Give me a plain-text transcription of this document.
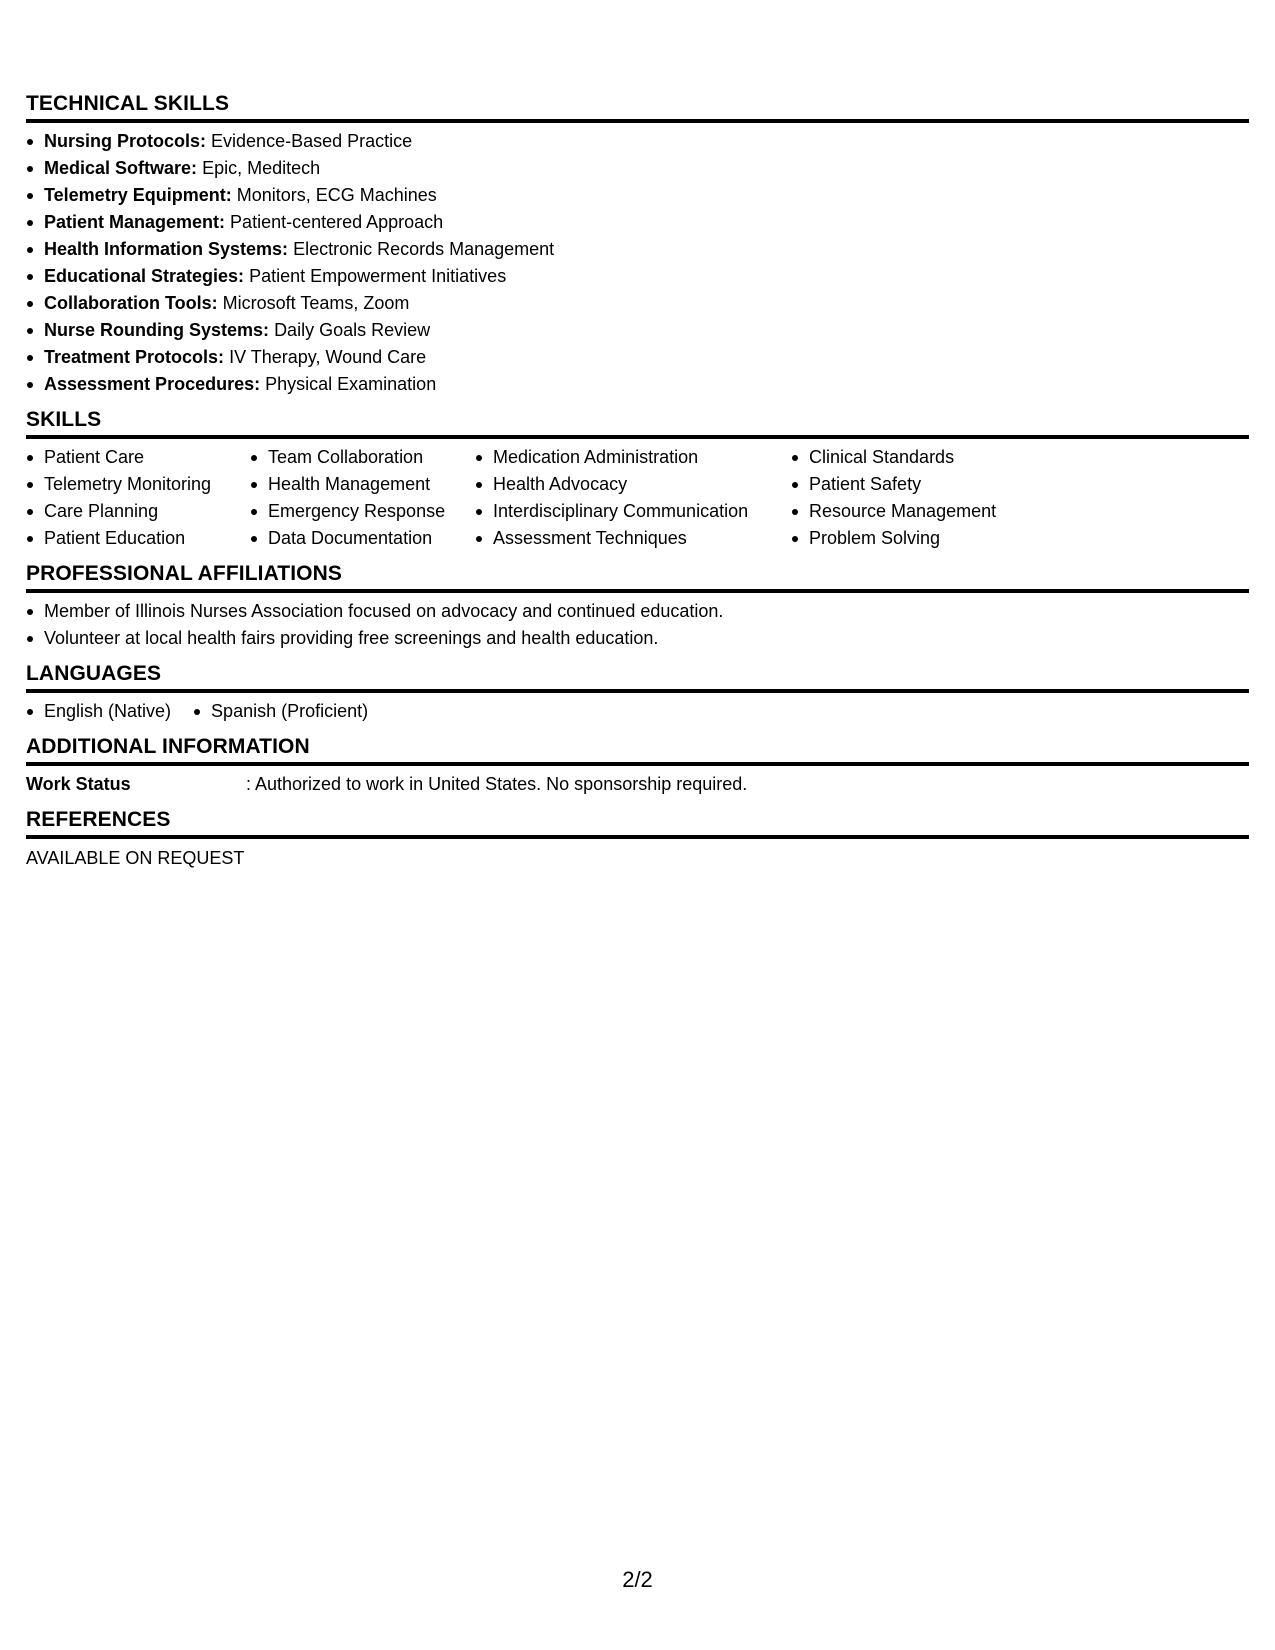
TECHNICAL SKILLS
Nursing Protocols: Evidence-Based Practice
Medical Software: Epic, Meditech
Telemetry Equipment: Monitors, ECG Machines
Patient Management: Patient-centered Approach
Health Information Systems: Electronic Records Management
Educational Strategies: Patient Empowerment Initiatives
Collaboration Tools: Microsoft Teams, Zoom
Nurse Rounding Systems: Daily Goals Review
Treatment Protocols: IV Therapy, Wound Care
Assessment Procedures: Physical Examination
SKILLS
Patient Care
Telemetry Monitoring
Care Planning
Patient Education
Team Collaboration
Health Management
Emergency Response
Data Documentation
Medication Administration
Health Advocacy
Interdisciplinary Communication
Assessment Techniques
Clinical Standards
Patient Safety
Resource Management
Problem Solving
PROFESSIONAL AFFILIATIONS
Member of Illinois Nurses Association focused on advocacy and continued education.
Volunteer at local health fairs providing free screenings and health education.
LANGUAGES
English (Native)	Spanish (Proficient)
ADDITIONAL INFORMATION
Work Status	: Authorized to work in United States. No sponsorship required.
REFERENCES
AVAILABLE ON REQUEST
2/2
